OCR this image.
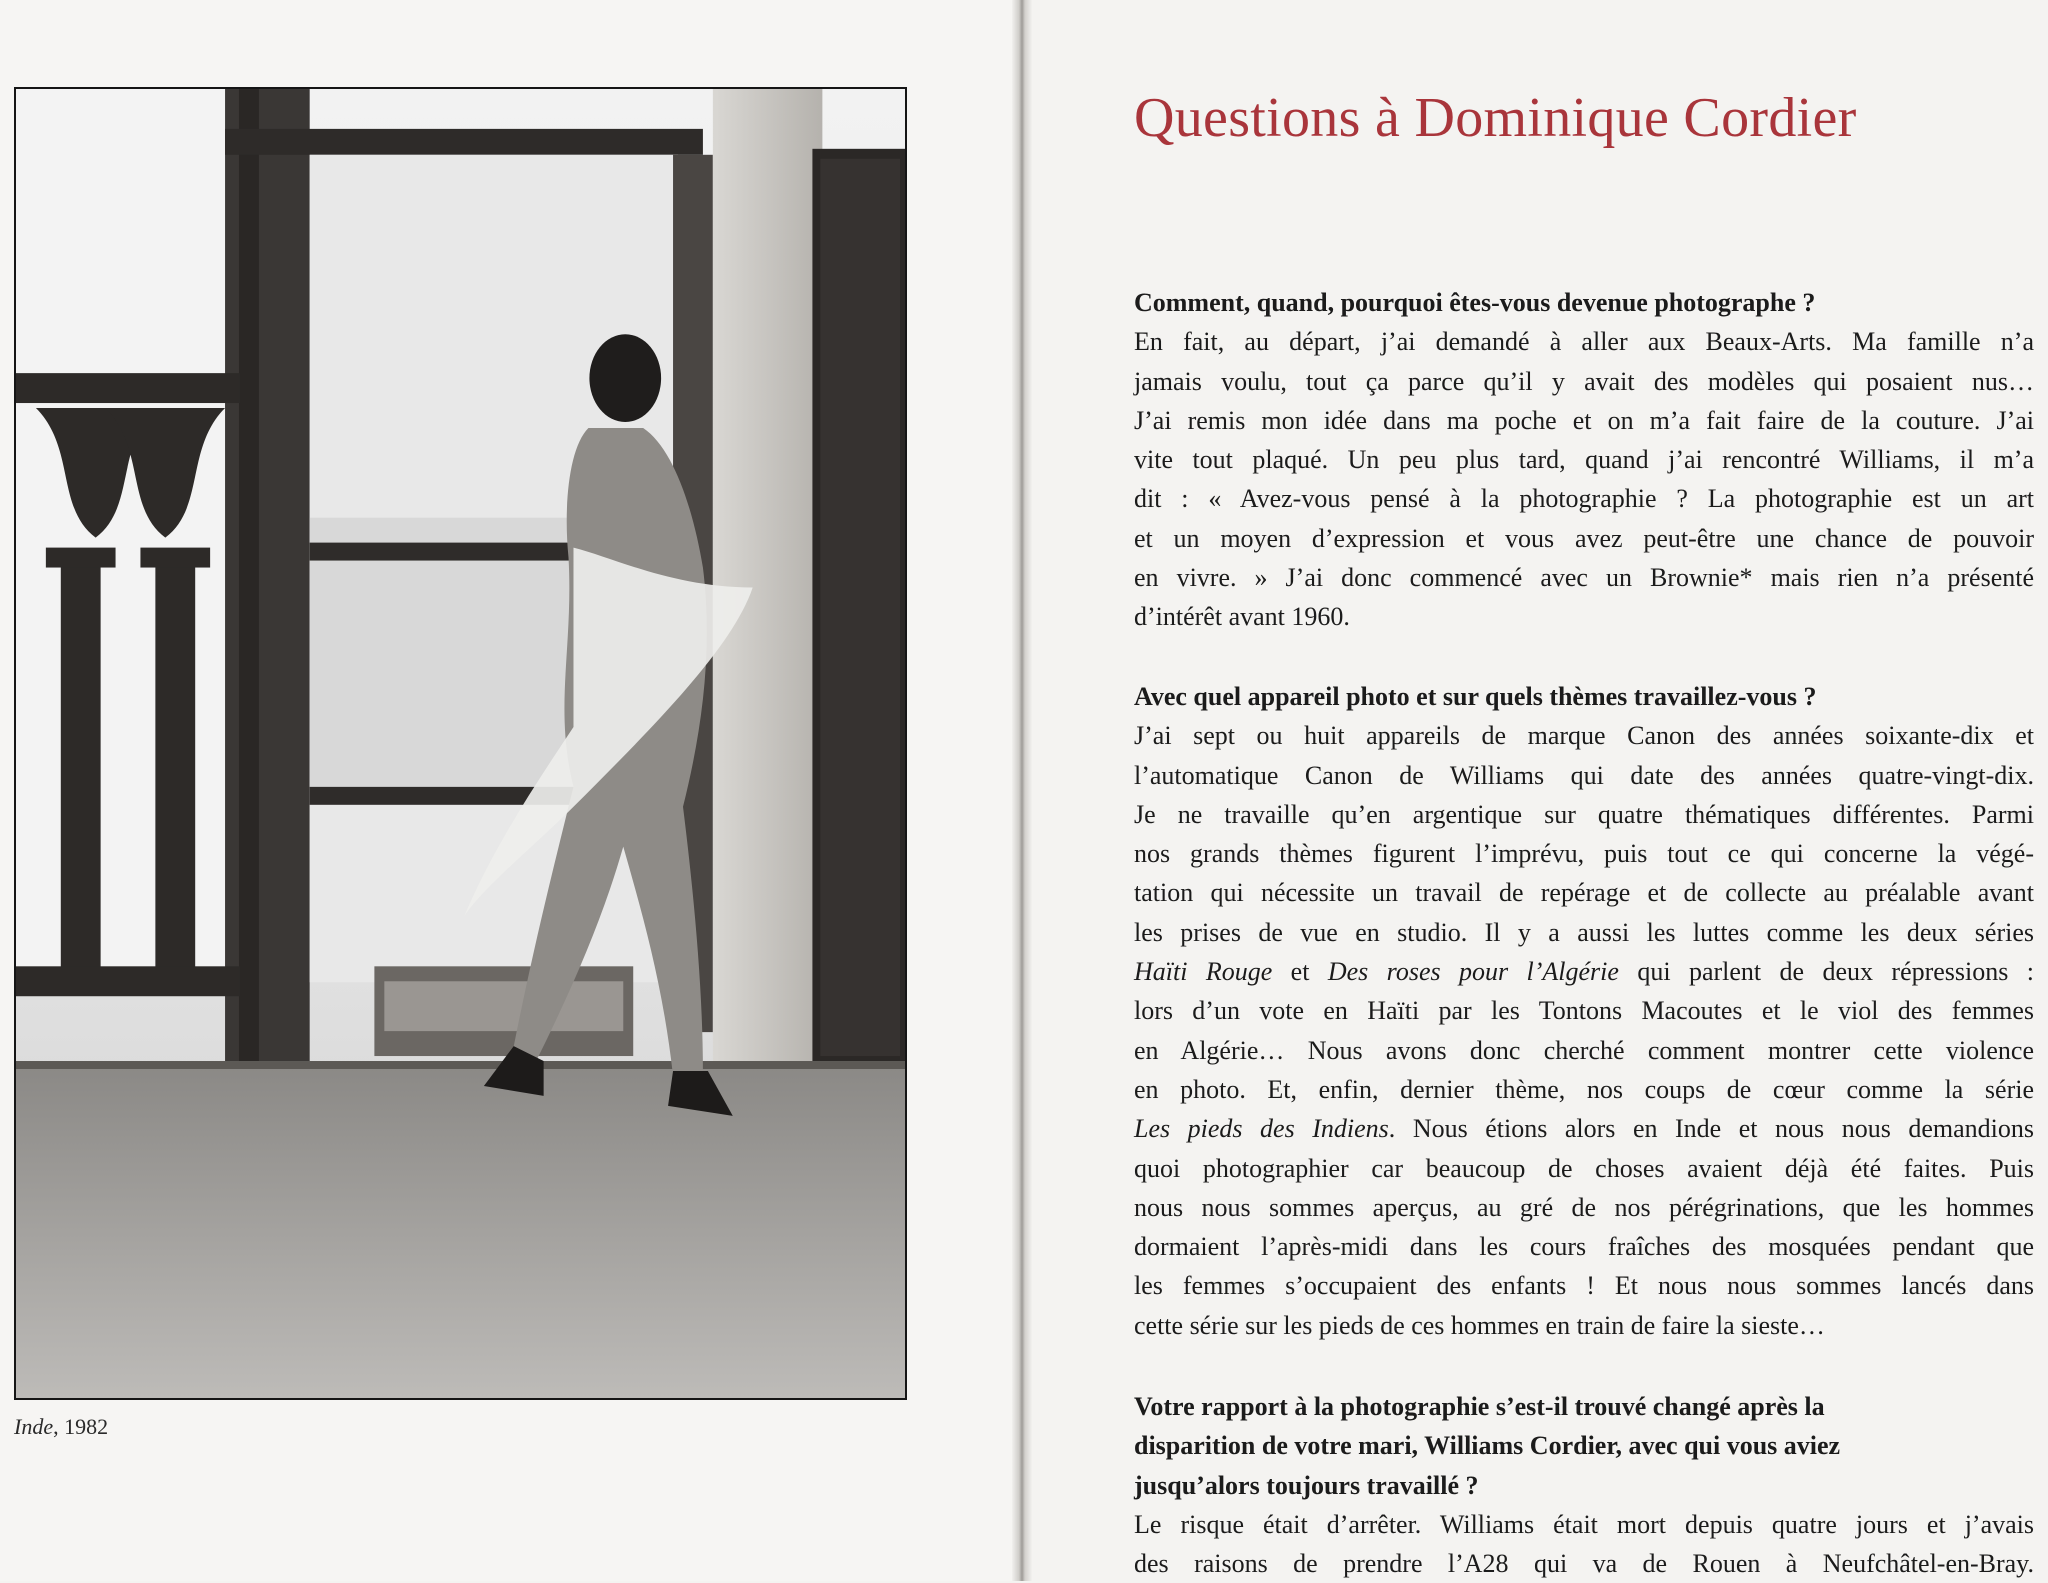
Inde, 1982
Questions à Dominique Cordier

Comment, quand, pourquoi êtes-vous devenue photographe ?

En fait, au départ, j’ai demandé à aller aux Beaux-Arts. Ma famille n’a
jamais voulu, tout ça parce qu’il y avait des modèles qui posaient nus…
J’ai remis mon idée dans ma poche et on m’a fait faire de la couture. J’ai
vite tout plaqué. Un peu plus tard, quand j’ai rencontré Williams, il m’a
dit : « Avez-vous pensé à la photographie ? La photographie est un art
et un moyen d’expression et vous avez peut-être une chance de pouvoir
en vivre. » J’ai donc commencé avec un Brownie* mais rien n’a présenté
d’intérêt avant 1960.

Avec quel appareil photo et sur quels thèmes travaillez-vous ?

J’ai sept ou huit appareils de marque Canon des années soixante-dix et
l’automatique Canon de Williams qui date des années quatre-vingt-dix.
Je ne travaille qu’en argentique sur quatre thématiques différentes. Parmi
nos grands thèmes figurent l’imprévu, puis tout ce qui concerne la végé-
tation qui nécessite un travail de repérage et de collecte au préalable avant
les prises de vue en studio. Il y a aussi les luttes comme les deux séries
Haïti Rouge et Des roses pour l’Algérie qui parlent de deux répressions :
lors d’un vote en Haïti par les Tontons Macoutes et le viol des femmes
en Algérie… Nous avons donc cherché comment montrer cette violence
en photo. Et, enfin, dernier thème, nos coups de cœur comme la série
Les pieds des Indiens. Nous étions alors en Inde et nous nous demandions
quoi photographier car beaucoup de choses avaient déjà été faites. Puis
nous nous sommes aperçus, au gré de nos pérégrinations, que les hommes
dormaient l’après-midi dans les cours fraîches des mosquées pendant que
les femmes s’occupaient des enfants ! Et nous nous sommes lancés dans
cette série sur les pieds de ces hommes en train de faire la sieste…

Votre rapport à la photographie s’est-il trouvé changé après la
disparition de votre mari, Williams Cordier, avec qui vous aviez
jusqu’alors toujours travaillé ?

Le risque était d’arrêter. Williams était mort depuis quatre jours et j’avais
des raisons de prendre l’A28 qui va de Rouen à Neufchâtel-en-Bray.
